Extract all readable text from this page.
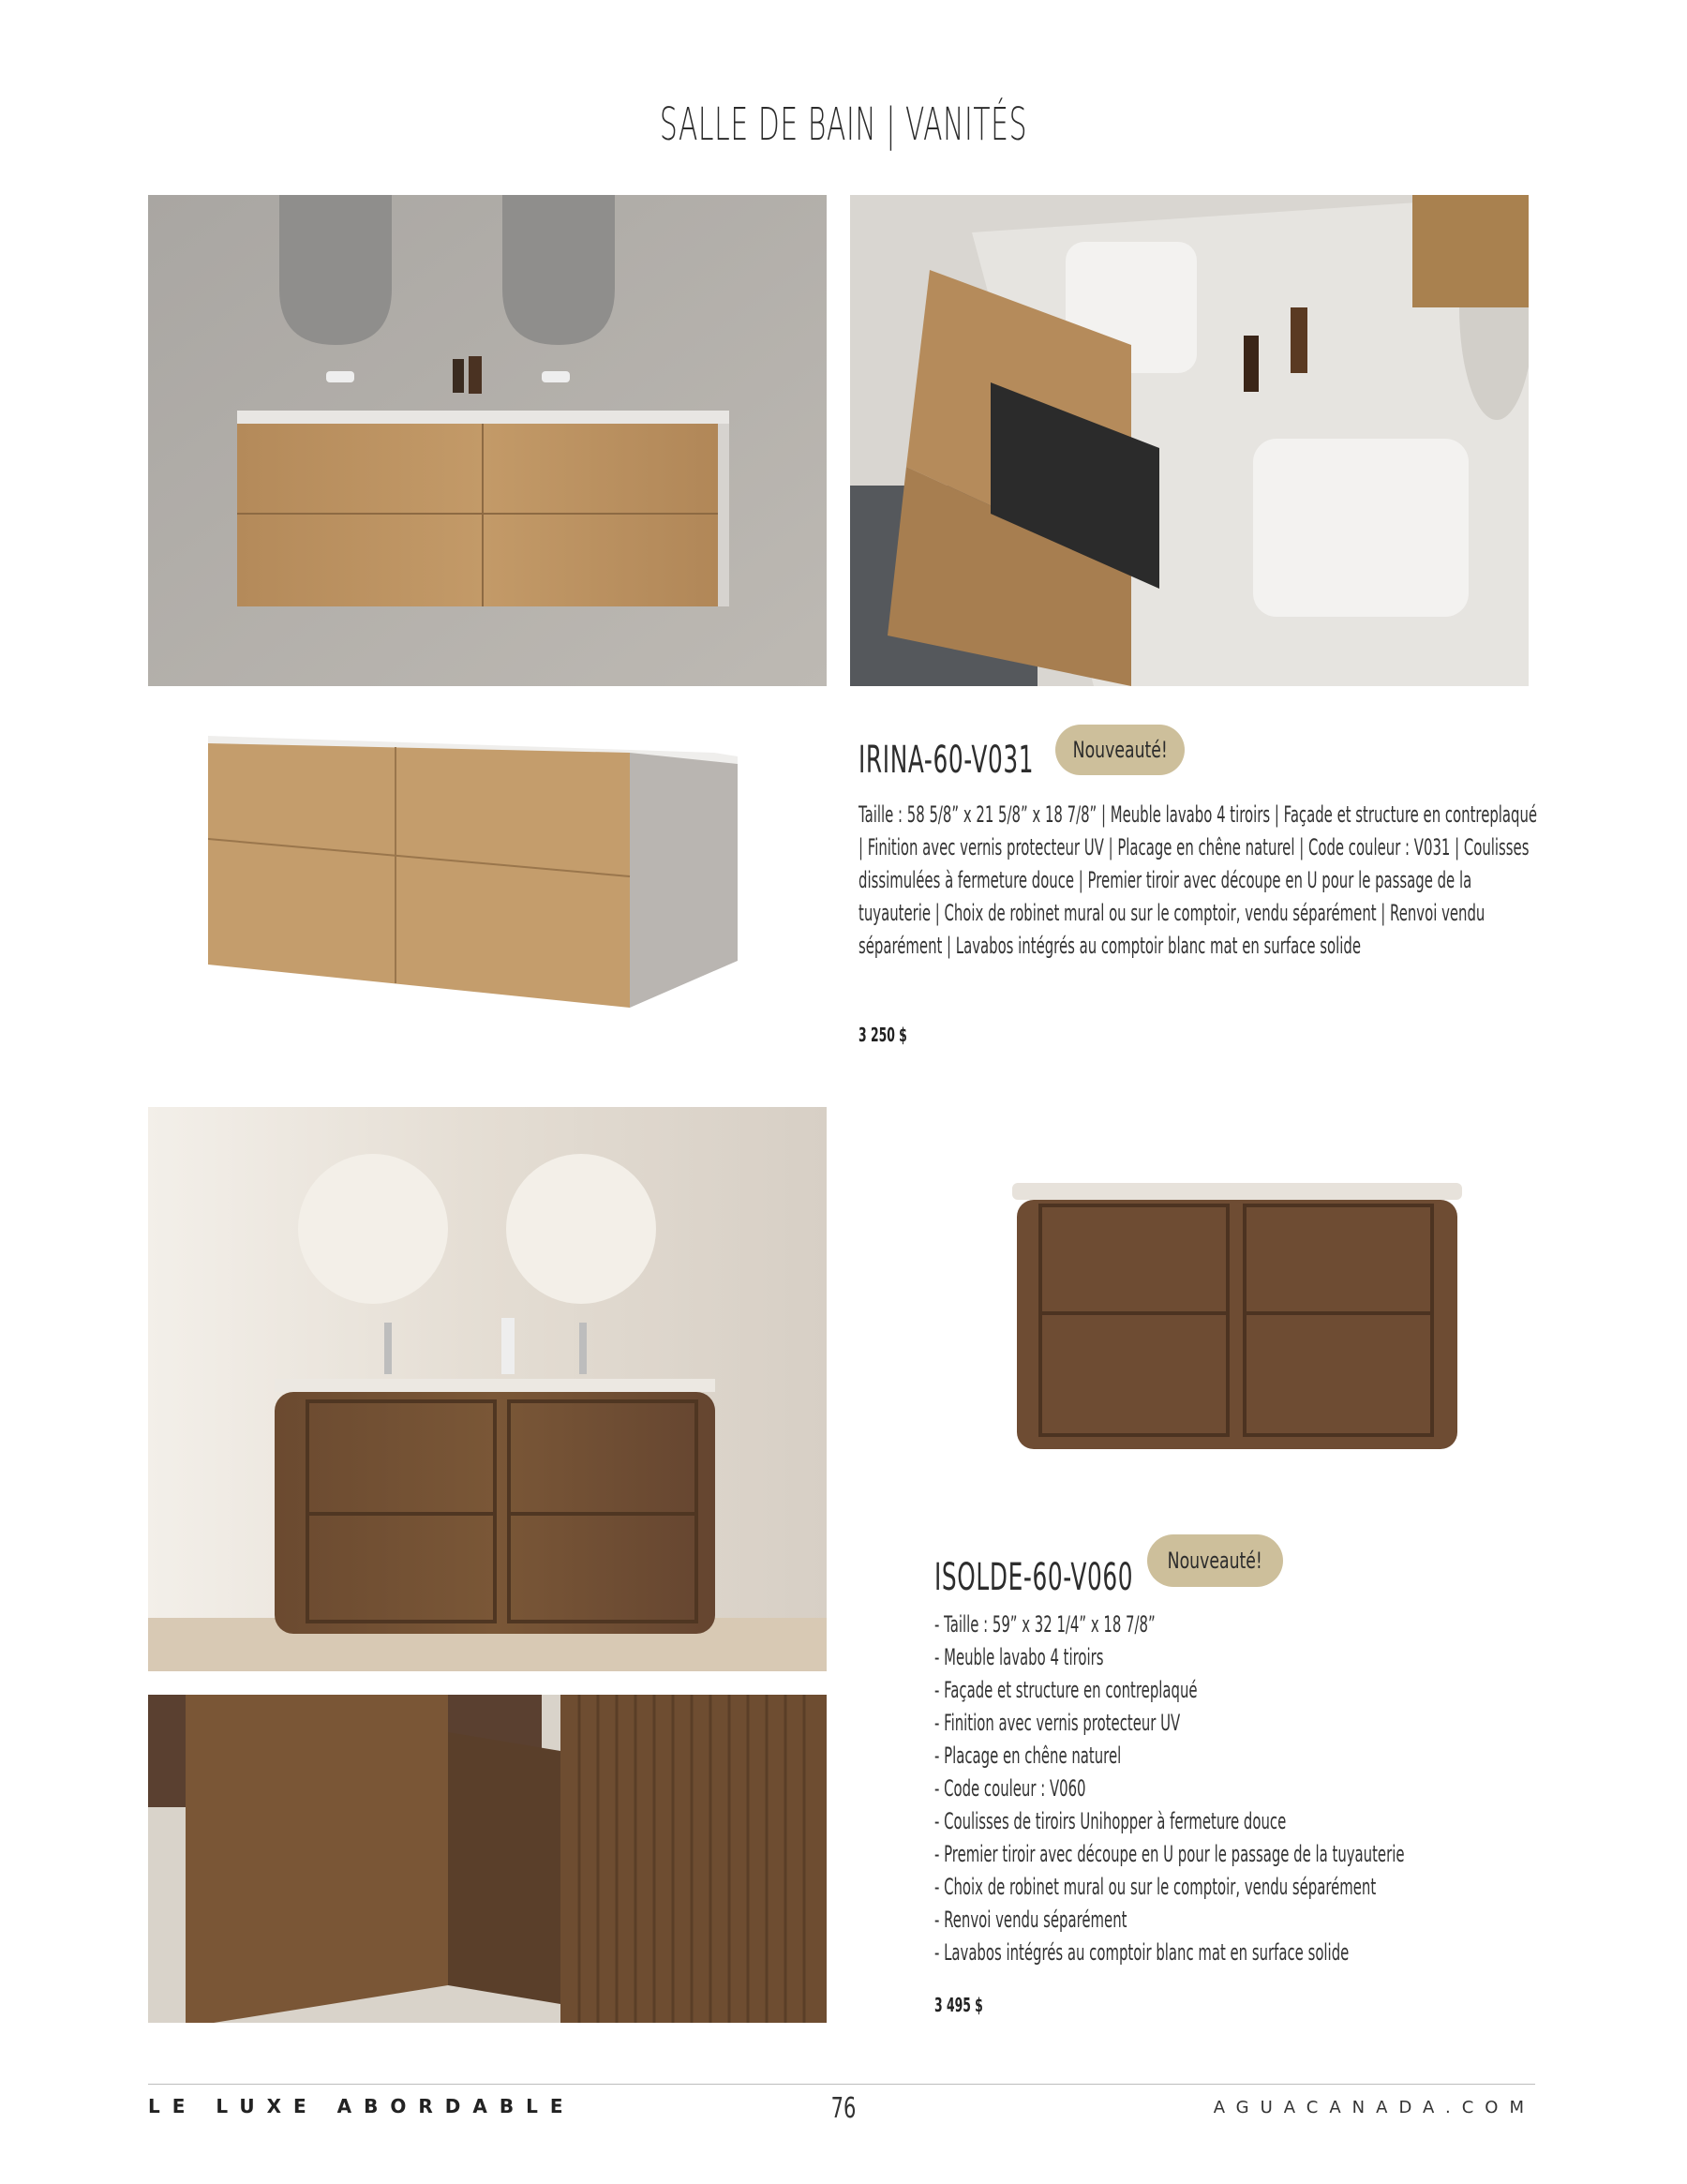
SALLE DE BAIN | VANITÉS
IRINA-60-V031 Nouveauté!
Taille : 58 5/8” x 21 5/8” x 18 7/8” | Meuble lavabo 4 tiroirs | Façade et structure en contreplaqué | Finition avec vernis protecteur UV | Placage en chêne naturel | Code couleur : V031 | Coulisses dissimulées à fermeture douce | Premier tiroir avec découpe en U pour le passage de la tuyauterie | Choix de robinet mural ou sur le comptoir, vendu séparément | Renvoi vendu séparément | Lavabos intégrés au comptoir blanc mat en surface solide
3 250 $
ISOLDE-60-V060 Nouveauté!
- Taille : 59” x 32 1/4” x 18 7/8”
- Meuble lavabo 4 tiroirs
- Façade et structure en contreplaqué
- Finition avec vernis protecteur UV
- Placage en chêne naturel
- Code couleur : V060
- Coulisses de tiroirs Unihopper à fermeture douce
- Premier tiroir avec découpe en U pour le passage de la tuyauterie
- Choix de robinet mural ou sur le comptoir, vendu séparément
- Renvoi vendu séparément
- Lavabos intégrés au comptoir blanc mat en surface solide
3 495 $
LE LUXE ABORDABLE	76	AGUACANADA.COM
